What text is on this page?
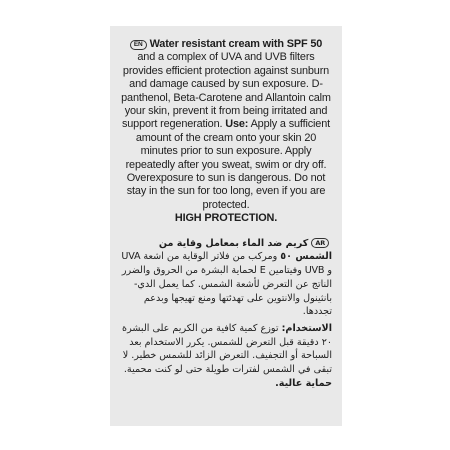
EN Water resistant cream with SPF 50 and a complex of UVA and UVB filters provides efficient protection against sunburn and damage caused by sun exposure. D-panthenol, Beta-Carotene and Allantoin calm your skin, prevent it from being irritated and support regeneration. Use: Apply a sufficient amount of the cream onto your skin 20 minutes prior to sun exposure. Apply repeatedly after you sweat, swim or dry off. Overexposure to sun is dangerous. Do not stay in the sun for too long, even if you are protected.
HIGH PROTECTION.

AR كريم ضد الماء بمعامل وقاية من الشمس ٥٠ ومركب من فلاتر الوقاية من اشعة UVA و UVB وفيتامين E لحماية البشرة من الحروق والضرر الناتج عن التعرض لأشعة الشمس. كما يعمل الدي-بانثينول والانتوين على تهدئتها ومنع تهيجها وبدعم تجددها.

الاستخدام: توزع كمية كافية من الكريم على البشرة ٢٠ دقيقة قبل التعرض للشمس. يكرر الاستخدام بعد السباحة أو التجفيف. التعرض الزائد للشمس خطير. لا تبقى في الشمس لفترات طويلة حتى لو كنت محمية.

حماية عالية.
